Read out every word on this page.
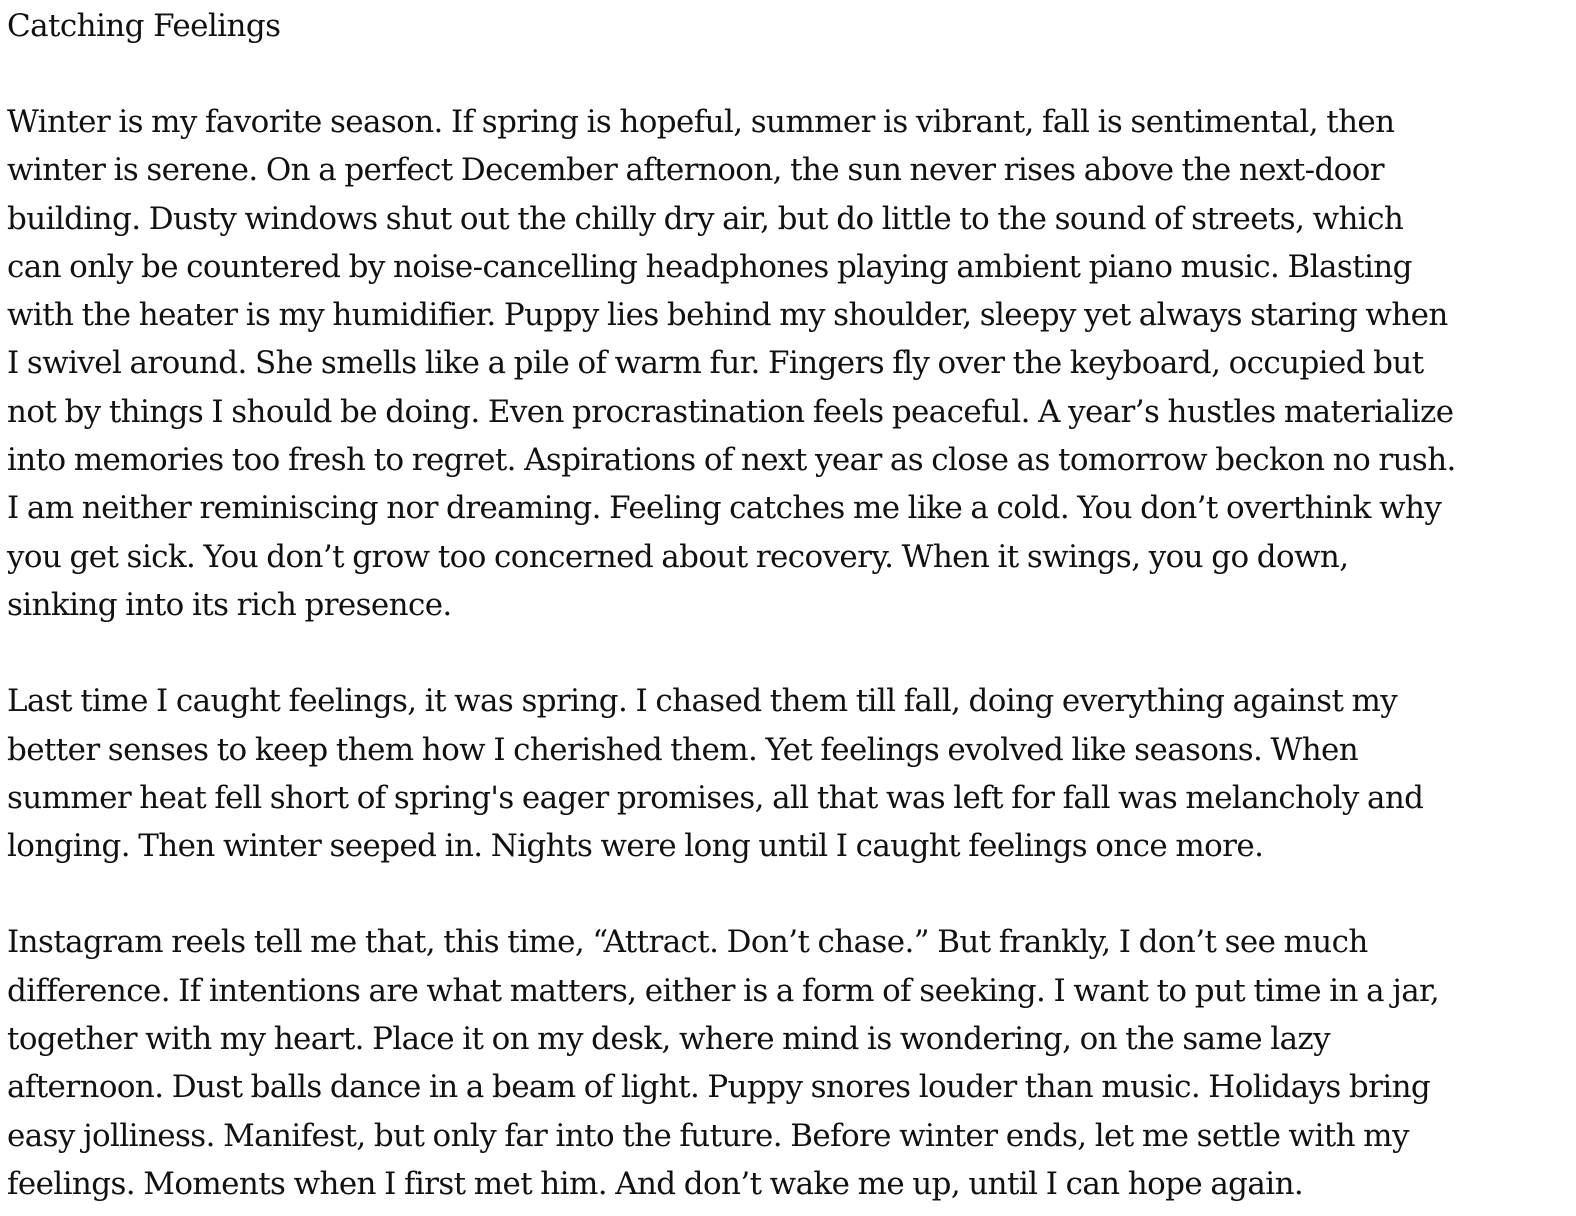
Catching Feelings
Winter is my favorite season. If spring is hopeful, summer is vibrant, fall is sentimental, then
winter is serene. On a perfect December afternoon, the sun never rises above the next-door
building. Dusty windows shut out the chilly dry air, but do little to the sound of streets, which
can only be countered by noise-cancelling headphones playing ambient piano music. Blasting
with the heater is my humidifier. Puppy lies behind my shoulder, sleepy yet always staring when
I swivel around. She smells like a pile of warm fur. Fingers fly over the keyboard, occupied but
not by things I should be doing. Even procrastination feels peaceful. A year’s hustles materialize
into memories too fresh to regret. Aspirations of next year as close as tomorrow beckon no rush.
I am neither reminiscing nor dreaming. Feeling catches me like a cold. You don’t overthink why
you get sick. You don’t grow too concerned about recovery. When it swings, you go down,
sinking into its rich presence.
Last time I caught feelings, it was spring. I chased them till fall, doing everything against my
better senses to keep them how I cherished them. Yet feelings evolved like seasons. When
summer heat fell short of spring's eager promises, all that was left for fall was melancholy and
longing. Then winter seeped in. Nights were long until I caught feelings once more.
Instagram reels tell me that, this time, “Attract. Don’t chase.” But frankly, I don’t see much
difference. If intentions are what matters, either is a form of seeking. I want to put time in a jar,
together with my heart. Place it on my desk, where mind is wondering, on the same lazy
afternoon. Dust balls dance in a beam of light. Puppy snores louder than music. Holidays bring
easy jolliness. Manifest, but only far into the future. Before winter ends, let me settle with my
feelings. Moments when I first met him. And don’t wake me up, until I can hope again.
